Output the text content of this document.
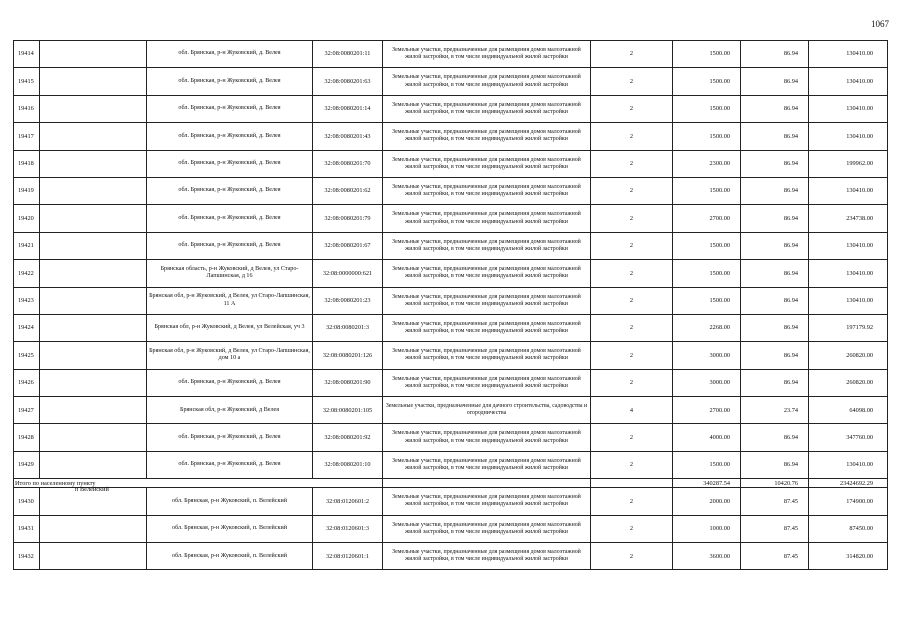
1067
19414		обл. Брянская, р-н Жуковский, д. Велея	32:08:0080201:11	Земельные участки, предназначенные для размещения домов малоэтажной жилой застройки, в том числе индивидуальной жилой застройки	2	1500.00	86.94	130410.00
19415		обл. Брянская, р-н Жуковский, д. Велея	32:08:0080201:63	Земельные участки, предназначенные для размещения домов малоэтажной жилой застройки, в том числе индивидуальной жилой застройки	2	1500.00	86.94	130410.00
19416		обл. Брянская, р-н Жуковский, д. Велея	32:08:0080201:14	Земельные участки, предназначенные для размещения домов малоэтажной жилой застройки, в том числе индивидуальной жилой застройки	2	1500.00	86.94	130410.00
19417		обл. Брянская, р-н Жуковский, д. Велея	32:08:0080201:43	Земельные участки, предназначенные для размещения домов малоэтажной жилой застройки, в том числе индивидуальной жилой застройки	2	1500.00	86.94	130410.00
19418		обл. Брянская, р-н Жуковский, д. Велея	32:08:0080201:70	Земельные участки, предназначенные для размещения домов малоэтажной жилой застройки, в том числе индивидуальной жилой застройки	2	2300.00	86.94	199962.00
19419		обл. Брянская, р-н Жуковский, д. Велея	32:08:0080201:62	Земельные участки, предназначенные для размещения домов малоэтажной жилой застройки, в том числе индивидуальной жилой застройки	2	1500.00	86.94	130410.00
19420		обл. Брянская, р-н Жуковский, д. Велея	32:08:0080201:79	Земельные участки, предназначенные для размещения домов малоэтажной жилой застройки, в том числе индивидуальной жилой застройки	2	2700.00	86.94	234738.00
19421		обл. Брянская, р-н Жуковский, д. Велея	32:08:0080201:67	Земельные участки, предназначенные для размещения домов малоэтажной жилой застройки, в том числе индивидуальной жилой застройки	2	1500.00	86.94	130410.00
19422		Брянская область, р-н Жуковский, д Велея, ул Старо-Лапшинская, д 16	32:08:0000000:621	Земельные участки, предназначенные для размещения домов малоэтажной жилой застройки, в том числе индивидуальной жилой застройки	2	1500.00	86.94	130410.00
19423		Брянская обл, р-н Жуковский, д Велея, ул Старо-Лапшинская, 11 А	32:08:0080201:23	Земельные участки, предназначенные для размещения домов малоэтажной жилой застройки, в том числе индивидуальной жилой застройки	2	1500.00	86.94	130410.00
19424		Брянская обл, р-н Жуковский, д Велея, ул Велейская, уч 3	32:08:0080201:3	Земельные участки, предназначенные для размещения домов малоэтажной жилой застройки, в том числе индивидуальной жилой застройки	2	2268.00	86.94	197179.92
19425		Брянская обл, р-н Жуковский, д Велея, ул Старо-Лапшинская, дом 10 а	32:08:0080201:126	Земельные участки, предназначенные для размещения домов малоэтажной жилой застройки, в том числе индивидуальной жилой застройки	2	3000.00	86.94	260820.00
19426		обл. Брянская, р-н Жуковский, д. Велея	32:08:0080201:90	Земельные участки, предназначенные для размещения домов малоэтажной жилой застройки, в том числе индивидуальной жилой застройки	2	3000.00	86.94	260820.00
19427		Брянская обл, р-н Жуковский, д Велея	32:08:0080201:105	Земельные участки, предназначенные для дачного строительства, садоводства и огородничества	4	2700.00	23.74	64098.00
19428		обл. Брянская, р-н Жуковский, д. Велея	32:08:0080201:92	Земельные участки, предназначенные для размещения домов малоэтажной жилой застройки, в том числе индивидуальной жилой застройки	2	4000.00	86.94	347760.00
19429		обл. Брянская, р-н Жуковский, д. Велея	32:08:0080201:10	Земельные участки, предназначенные для размещения домов малоэтажной жилой застройки, в том числе индивидуальной жилой застройки	2	1500.00	86.94	130410.00
Итого по населенному пункту
п Велейский						340287.54	10420.76	23424692.29
19430		обл. Брянская, р-н Жуковский, п. Велейский	32:08:0120601:2	Земельные участки, предназначенные для размещения домов малоэтажной жилой застройки, в том числе индивидуальной жилой застройки	2	2000.00	87.45	174900.00
19431		обл. Брянская, р-н Жуковский, п. Велейский	32:08:0120601:3	Земельные участки, предназначенные для размещения домов малоэтажной жилой застройки, в том числе индивидуальной жилой застройки	2	1000.00	87.45	87450.00
19432		обл. Брянская, р-н Жуковский, п. Велейский	32:08:0120601:1	Земельные участки, предназначенные для размещения домов малоэтажной жилой застройки, в том числе индивидуальной жилой застройки	2	3600.00	87.45	314820.00
